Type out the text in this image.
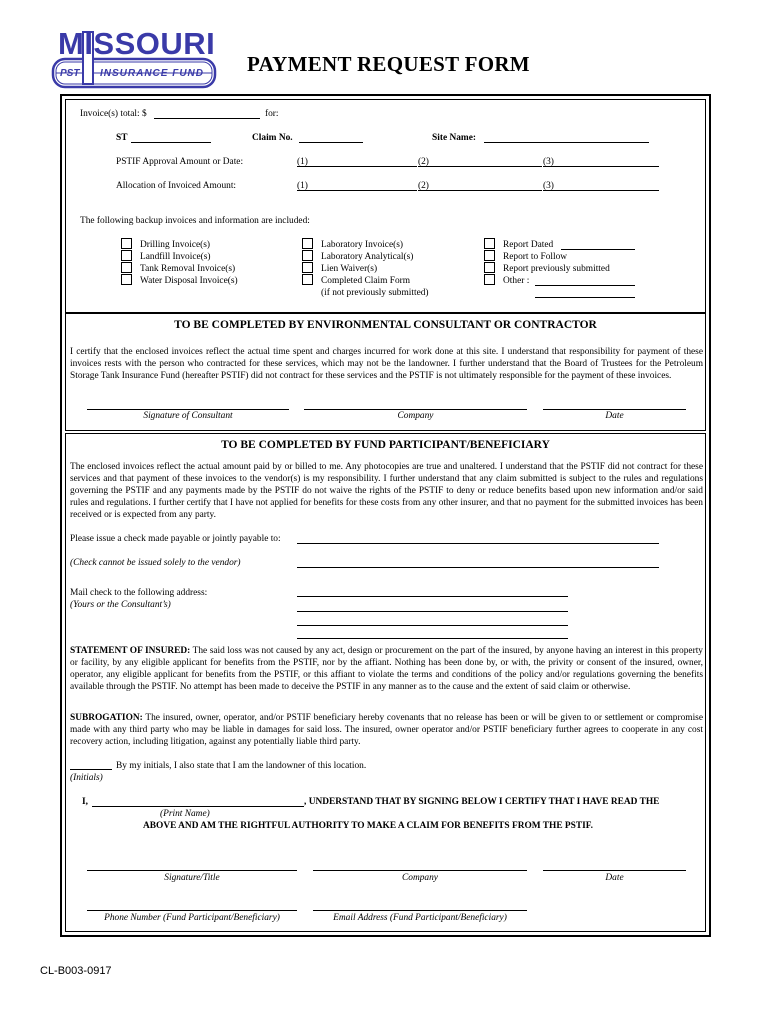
MISSOURI
PST INSURANCE FUND PAYMENT REQUEST FORM
Invoice(s) total: $	for:
ST	Claim No.	Site Name:
PSTIF Approval Amount or Date:	(1)	(2)	(3)
Allocation of Invoiced Amount:	(1)	(2)	(3)
The following backup invoices and information are included:
Drilling Invoice(s)
Landfill Invoice(s)
Tank Removal Invoice(s)
Water Disposal Invoice(s)
Laboratory Invoice(s)
Laboratory Analytical(s)
Lien Waiver(s)
Completed Claim Form
(if not previously submitted)
Report Dated
Report to Follow
Report previously submitted
Other :
TO BE COMPLETED BY ENVIRONMENTAL CONSULTANT OR CONTRACTOR
I certify that the enclosed invoices reflect the actual time spent and charges incurred for work done at this site. I understand that responsibility for payment of these invoices rests with the person who contracted for these services, which may not be the landowner. I further understand that the Board of Trustees for the Petroleum Storage Tank Insurance Fund (hereafter PSTIF) did not contract for these services and the PSTIF is not ultimately responsible for the payment of these invoices.
Signature of Consultant	Company	Date
TO BE COMPLETED BY FUND PARTICIPANT/BENEFICIARY
The enclosed invoices reflect the actual amount paid by or billed to me. Any photocopies are true and unaltered. I understand that the PSTIF did not contract for these services and that payment of these invoices to the vendor(s) is my responsibility. I further understand that any claim submitted is subject to the rules and regulations governing the PSTIF and any payments made by the PSTIF do not waive the rights of the PSTIF to deny or reduce benefits based upon new information and/or said rules and regulations. I further certify that I have not applied for benefits for these costs from any other insurer, and that no payment for the submitted invoices has been received or is expected from any party.
Please issue a check made payable or jointly payable to:
(Check cannot be issued solely to the vendor)
Mail check to the following address:
(Yours or the Consultant’s)
STATEMENT OF INSURED: The said loss was not caused by any act, design or procurement on the part of the insured, by anyone having an interest in this property or facility, by any eligible applicant for benefits from the PSTIF, nor by the affiant. Nothing has been done by, or with, the privity or consent of the insured, owner, operator, any eligible applicant for benefits from the PSTIF, or this affiant to violate the terms and conditions of the policy and/or regulations governing the benefits available through the PSTIF. No attempt has been made to deceive the PSTIF in any manner as to the cause and the extent of said claim or otherwise.
SUBROGATION: The insured, owner, operator, and/or PSTIF beneficiary hereby covenants that no release has been or will be given to or settlement or compromise made with any third party who may be liable in damages for said loss. The insured, owner operator and/or PSTIF beneficiary further agrees to cooperate in any cost recovery action, including litigation, against any potentially liable third party.
By my initials, I also state that I am the landowner of this location.
(Initials)
I,	, UNDERSTAND THAT BY SIGNING BELOW I CERTIFY THAT I HAVE READ THE
(Print Name)
ABOVE AND AM THE RIGHTFUL AUTHORITY TO MAKE A CLAIM FOR BENEFITS FROM THE PSTIF.
Signature/Title	Company	Date
Phone Number (Fund Participant/Beneficiary)	Email Address (Fund Participant/Beneficiary)
CL-B003-0917
